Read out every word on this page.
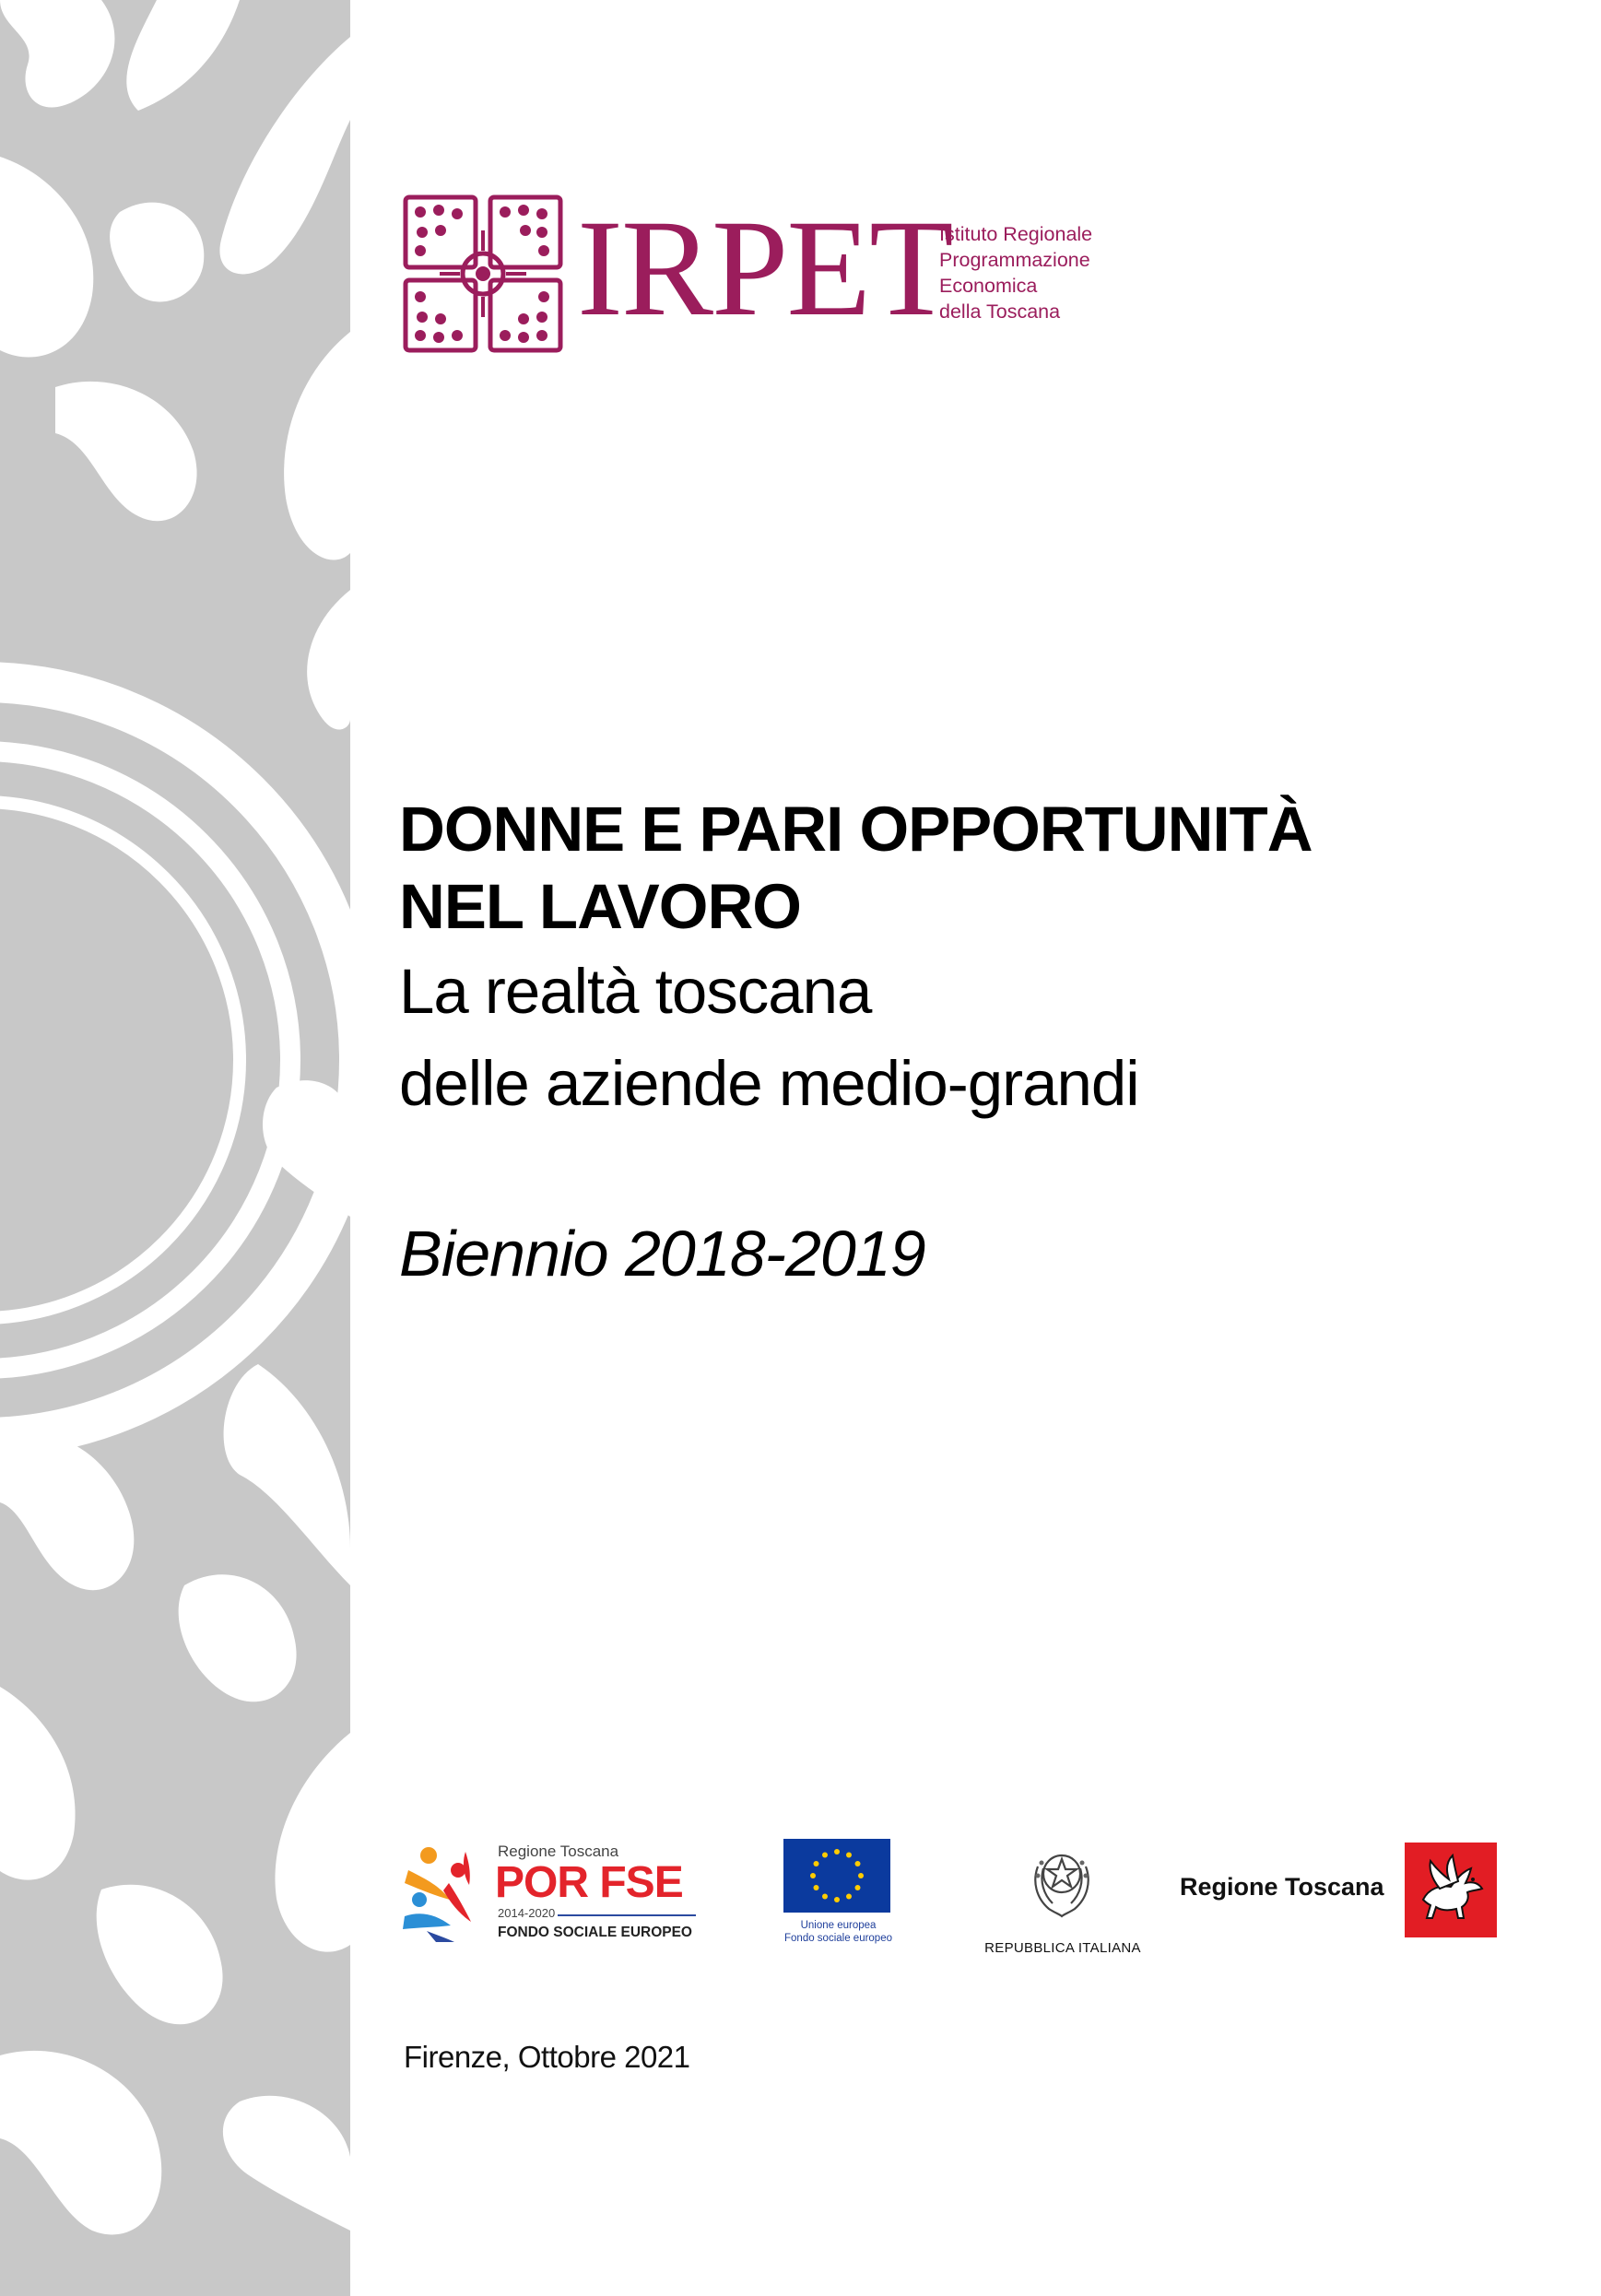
IRPET
Istituto Regionale
Programmazione
Economica
della Toscana
DONNE E PARI OPPORTUNITÀ
NEL LAVORO
La realtà toscana
delle aziende medio-grandi
Biennio 2018-2019
Regione Toscana
POR FSE
2014-2020
FONDO SOCIALE EUROPEO	Unione europea
Fondo sociale europeo
REPUBBLICA ITALIANA
Regione Toscana
Firenze, Ottobre 2021
